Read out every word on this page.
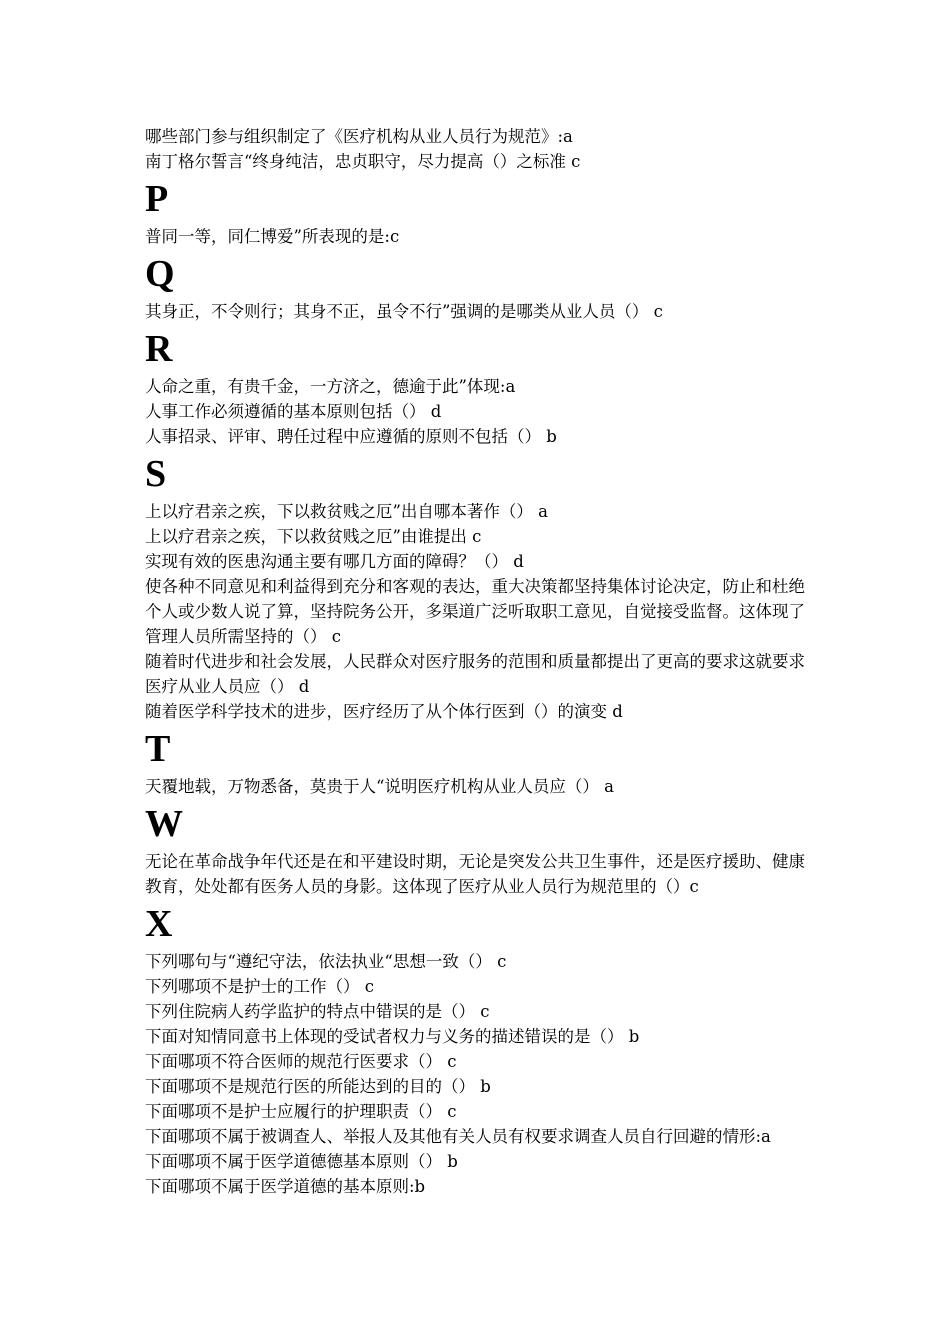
哪些部门参与组织制定了《医疗机构从业人员行为规范》:a
南丁格尔誓言“终身纯洁，忠贞职守，尽力提高（）之标准 c
P
普同一等，同仁博爱”所表现的是:c
Q
其身正，不令则行；其身不正，虽令不行”强调的是哪类从业人员（） c
R
人命之重，有贵千金，一方济之，德逾于此”体现:a
人事工作必须遵循的基本原则包括（） d
人事招录、评审、聘任过程中应遵循的原则不包括（） b
S
上以疗君亲之疾，下以救贫贱之厄”出自哪本著作（） a
上以疗君亲之疾，下以救贫贱之厄”由谁提出 c
实现有效的医患沟通主要有哪几方面的障碍？（） d
使各种不同意见和利益得到充分和客观的表达，重大决策都坚持集体讨论决定，防止和杜绝个人或少数人说了算，坚持院务公开，多渠道广泛听取职工意见，自觉接受监督。这体现了管理人员所需坚持的（） c
随着时代进步和社会发展，人民群众对医疗服务的范围和质量都提出了更高的要求这就要求医疗从业人员应（） d
随着医学科学技术的进步，医疗经历了从个体行医到（）的演变 d
T
天覆地载，万物悉备，莫贵于人“说明医疗机构从业人员应（） a
W
无论在革命战争年代还是在和平建设时期，无论是突发公共卫生事件，还是医疗援助、健康教育，处处都有医务人员的身影。这体现了医疗从业人员行为规范里的（）c
X
下列哪句与“遵纪守法，依法执业“思想一致（） c
下列哪项不是护士的工作（） c
下列住院病人药学监护的特点中错误的是（） c
下面对知情同意书上体现的受试者权力与义务的描述错误的是（） b
下面哪项不符合医师的规范行医要求（） c
下面哪项不是规范行医的所能达到的目的（） b
下面哪项不是护士应履行的护理职责（） c
下面哪项不属于被调查人、举报人及其他有关人员有权要求调查人员自行回避的情形:a
下面哪项不属于医学道德德基本原则（） b
下面哪项不属于医学道德的基本原则:b
